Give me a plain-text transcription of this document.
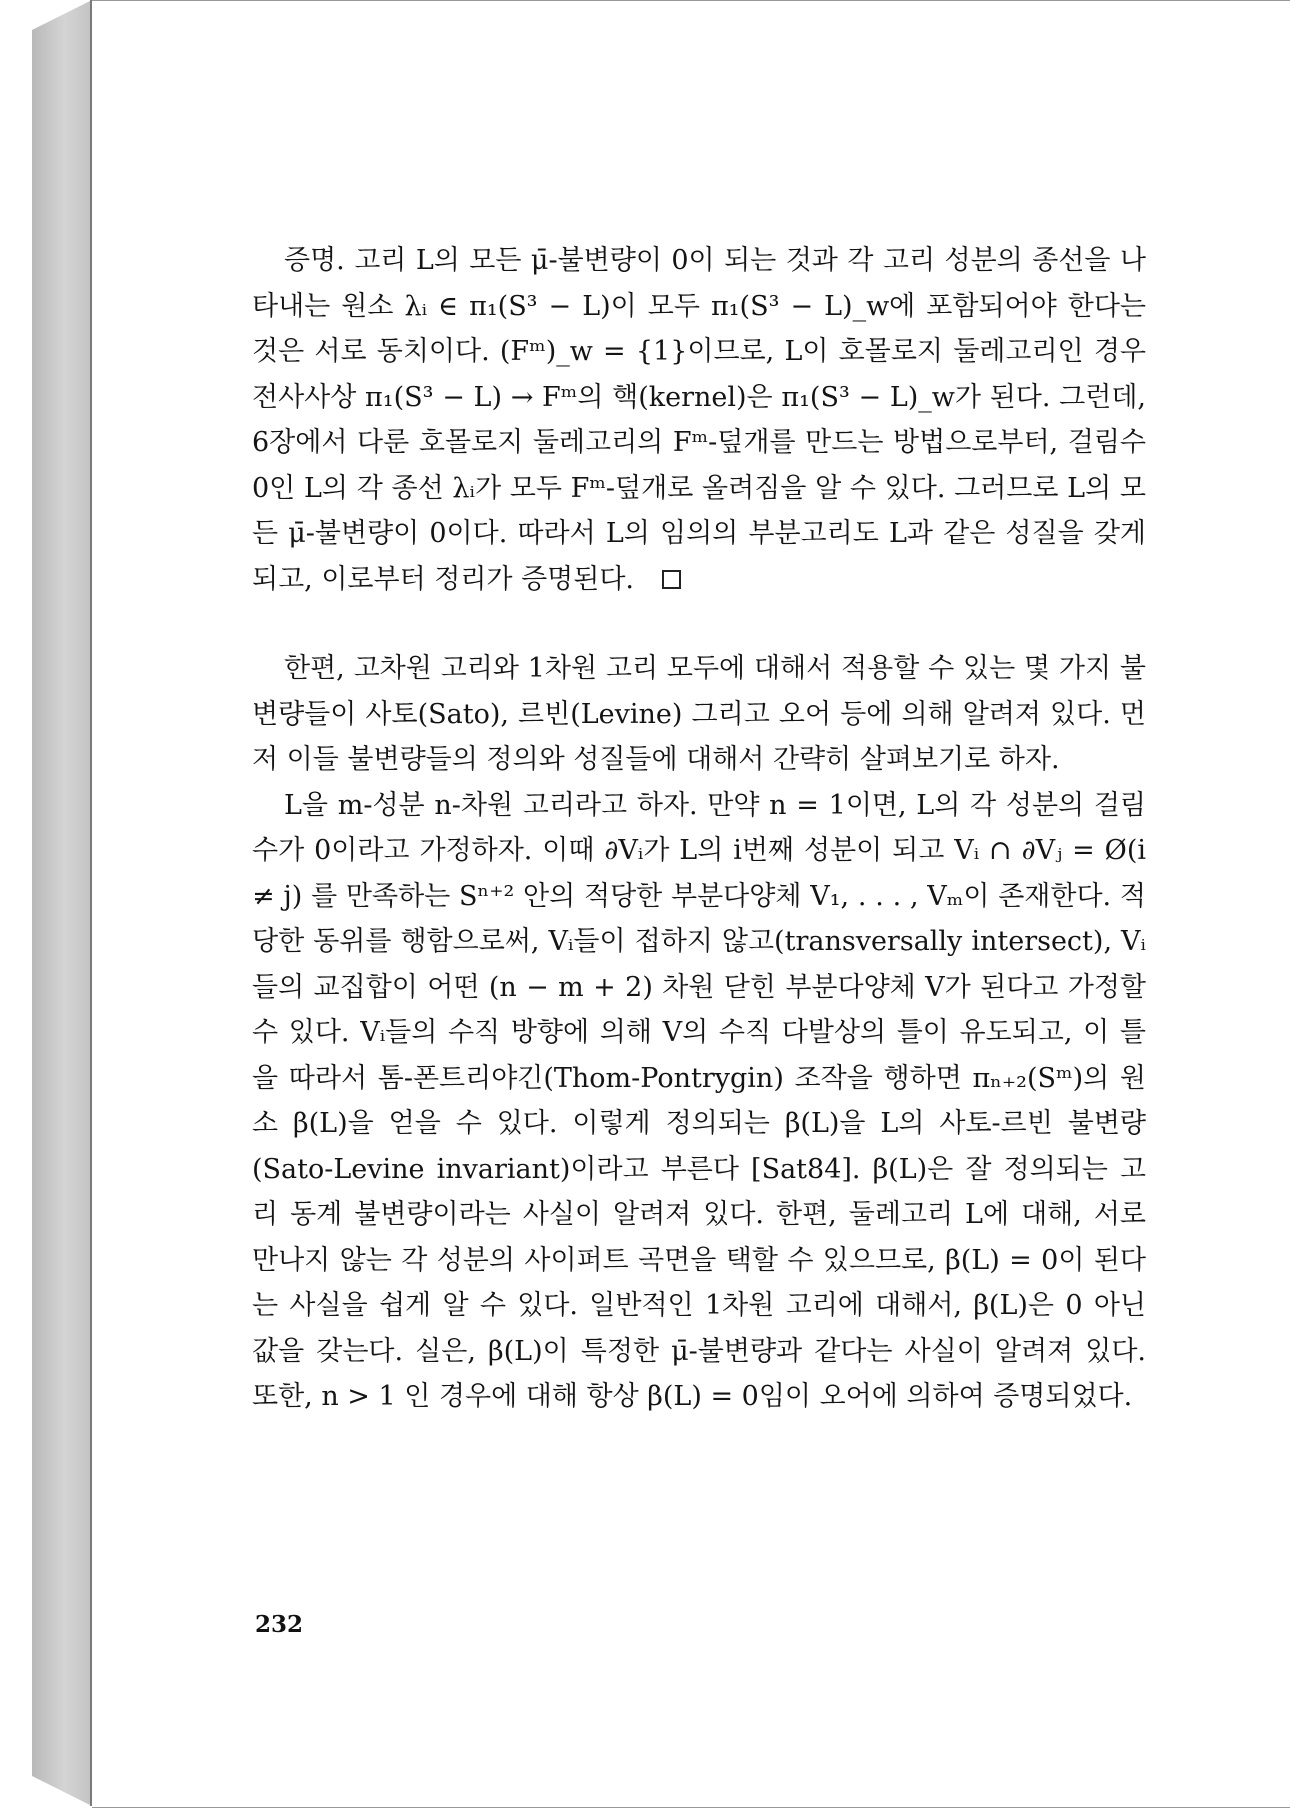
증명. 고리 L의 모든 μ̄-불변량이 0이 되는 것과 각 고리 성분의 종선을 나타내는 원소 λᵢ ∈ π₁(S³ − L)이 모두 π₁(S³ − L)_w에 포함되어야 한다는 것은 서로 동치이다. (Fᵐ)_w = {1}이므로, L이 호몰로지 둘레고리인 경우 전사사상 π₁(S³ − L) → Fᵐ의 핵(kernel)은 π₁(S³ − L)_w가 된다. 그런데, 6장에서 다룬 호몰로지 둘레고리의 Fᵐ-덮개를 만드는 방법으로부터, 걸림수 0인 L의 각 종선 λᵢ가 모두 Fᵐ-덮개로 올려짐을 알 수 있다. 그러므로 L의 모든 μ̄-불변량이 0이다. 따라서 L의 임의의 부분고리도 L과 같은 성질을 갖게 되고, 이로부터 정리가 증명된다.

한편, 고차원 고리와 1차원 고리 모두에 대해서 적용할 수 있는 몇 가지 불변량들이 사토(Sato), 르빈(Levine) 그리고 오어 등에 의해 알려져 있다. 먼저 이들 불변량들의 정의와 성질들에 대해서 간략히 살펴보기로 하자.

L을 m-성분 n-차원 고리라고 하자. 만약 n = 1이면, L의 각 성분의 걸림수가 0이라고 가정하자. 이때 ∂Vᵢ가 L의 i번째 성분이 되고 Vᵢ ∩ ∂Vⱼ = Ø(i ≠ j) 를 만족하는 Sⁿ⁺² 안의 적당한 부분다양체 V₁, . . . , Vₘ이 존재한다. 적당한 동위를 행함으로써, Vᵢ들이 접하지 않고(transversally intersect), Vᵢ들의 교집합이 어떤 (n − m + 2) 차원 닫힌 부분다양체 V가 된다고 가정할 수 있다. Vᵢ들의 수직 방향에 의해 V의 수직 다발상의 틀이 유도되고, 이 틀을 따라서 톰-폰트리야긴(Thom-Pontrygin) 조작을 행하면 πₙ₊₂(Sᵐ)의 원소 β(L)을 얻을 수 있다. 이렇게 정의되는 β(L)을 L의 사토-르빈 불변량(Sato-Levine invariant)이라고 부른다 [Sat84]. β(L)은 잘 정의되는 고리 동계 불변량이라는 사실이 알려져 있다. 한편, 둘레고리 L에 대해, 서로 만나지 않는 각 성분의 사이퍼트 곡면을 택할 수 있으므로, β(L) = 0이 된다는 사실을 쉽게 알 수 있다. 일반적인 1차원 고리에 대해서, β(L)은 0 아닌 값을 갖는다. 실은, β(L)이 특정한 μ̄-불변량과 같다는 사실이 알려져 있다. 또한, n > 1 인 경우에 대해 항상 β(L) = 0임이 오어에 의하여 증명되었다.

232
